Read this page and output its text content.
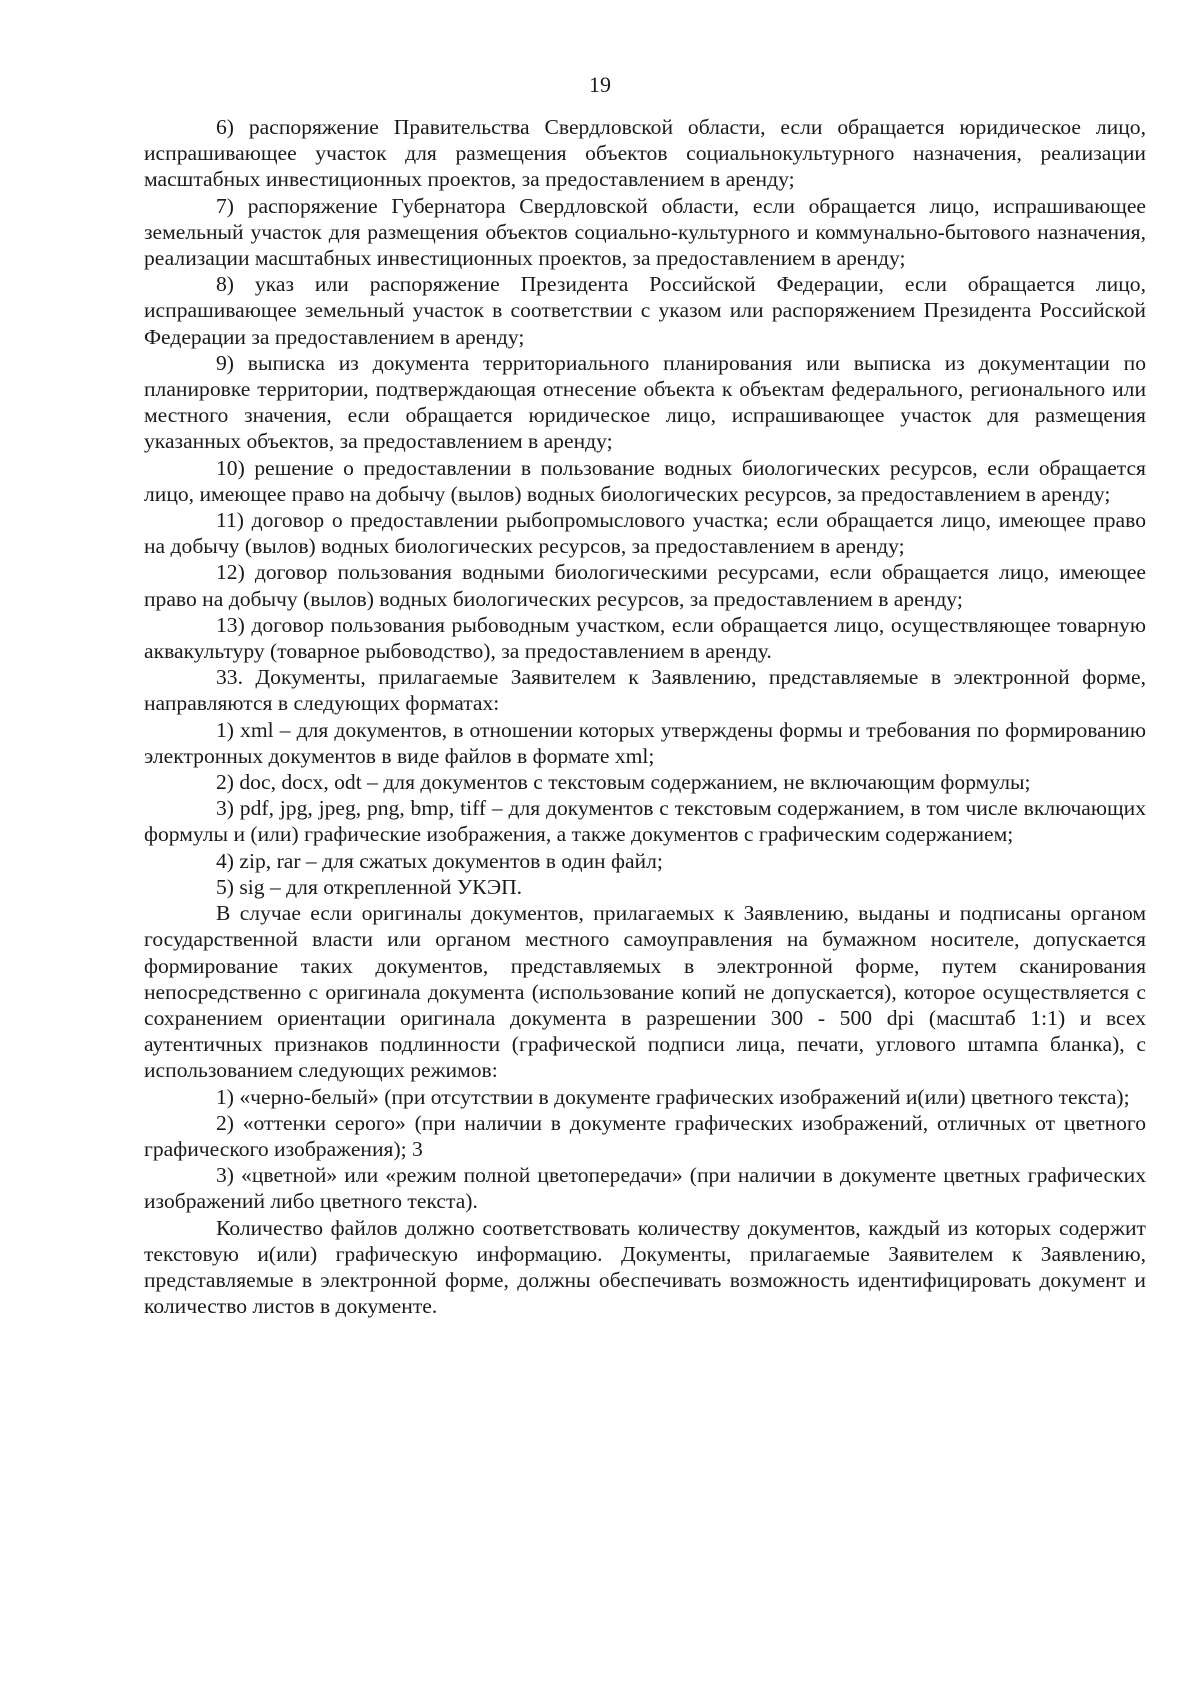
19

6) распоряжение Правительства Свердловской области, если обращается юридическое лицо, испрашивающее участок для размещения объектов социальнокультурного назначения, реализации масштабных инвестиционных проектов, за предоставлением в аренду;

7) распоряжение Губернатора Свердловской области, если обращается лицо, испрашивающее земельный участок для размещения объектов социально-культурного и коммунально-бытового назначения, реализации масштабных инвестиционных проектов, за предоставлением в аренду;

8) указ или распоряжение Президента Российской Федерации, если обращается лицо, испрашивающее земельный участок в соответствии с указом или распоряжением Президента Российской Федерации за предоставлением в аренду;

9) выписка из документа территориального планирования или выписка из документации по планировке территории, подтверждающая отнесение объекта к объектам федерального, регионального или местного значения, если обращается юридическое лицо, испрашивающее участок для размещения указанных объектов, за предоставлением в аренду;

10) решение о предоставлении в пользование водных биологических ресурсов, если обращается лицо, имеющее право на добычу (вылов) водных биологических ресурсов, за предоставлением в аренду;

11) договор о предоставлении рыбопромыслового участка; если обращается лицо, имеющее право на добычу (вылов) водных биологических ресурсов, за предоставлением в аренду;

12) договор пользования водными биологическими ресурсами, если обращается лицо, имеющее право на добычу (вылов) водных биологических ресурсов, за предоставлением в аренду;

13) договор пользования рыбоводным участком, если обращается лицо, осуществляющее товарную аквакультуру (товарное рыбоводство), за предоставлением в аренду.

33. Документы, прилагаемые Заявителем к Заявлению, представляемые в электронной форме, направляются в следующих форматах:

1) xml – для документов, в отношении которых утверждены формы и требования по формированию электронных документов в виде файлов в формате xml;

2) doc, docx, odt – для документов с текстовым содержанием, не включающим формулы;

3) pdf, jpg, jpeg, png, bmp, tiff – для документов с текстовым содержанием, в том числе включающих формулы и (или) графические изображения, а также документов с графическим содержанием;

4) zip, rar – для сжатых документов в один файл;

5) sig – для открепленной УКЭП.

В случае если оригиналы документов, прилагаемых к Заявлению, выданы и подписаны органом государственной власти или органом местного самоуправления на бумажном носителе, допускается формирование таких документов, представляемых в электронной форме, путем сканирования непосредственно с оригинала документа (использование копий не допускается), которое осуществляется с сохранением ориентации оригинала документа в разрешении 300 - 500 dpi (масштаб 1:1) и всех аутентичных признаков подлинности (графической подписи лица, печати, углового штампа бланка), с использованием следующих режимов:

1) «черно-белый» (при отсутствии в документе графических изображений и(или) цветного текста);

2) «оттенки серого» (при наличии в документе графических изображений, отличных от цветного графического изображения); 3

3) «цветной» или «режим полной цветопередачи» (при наличии в документе цветных графических изображений либо цветного текста).

Количество файлов должно соответствовать количеству документов, каждый из которых содержит текстовую и(или) графическую информацию. Документы, прилагаемые Заявителем к Заявлению, представляемые в электронной форме, должны обеспечивать возможность идентифицировать документ и количество листов в документе.
